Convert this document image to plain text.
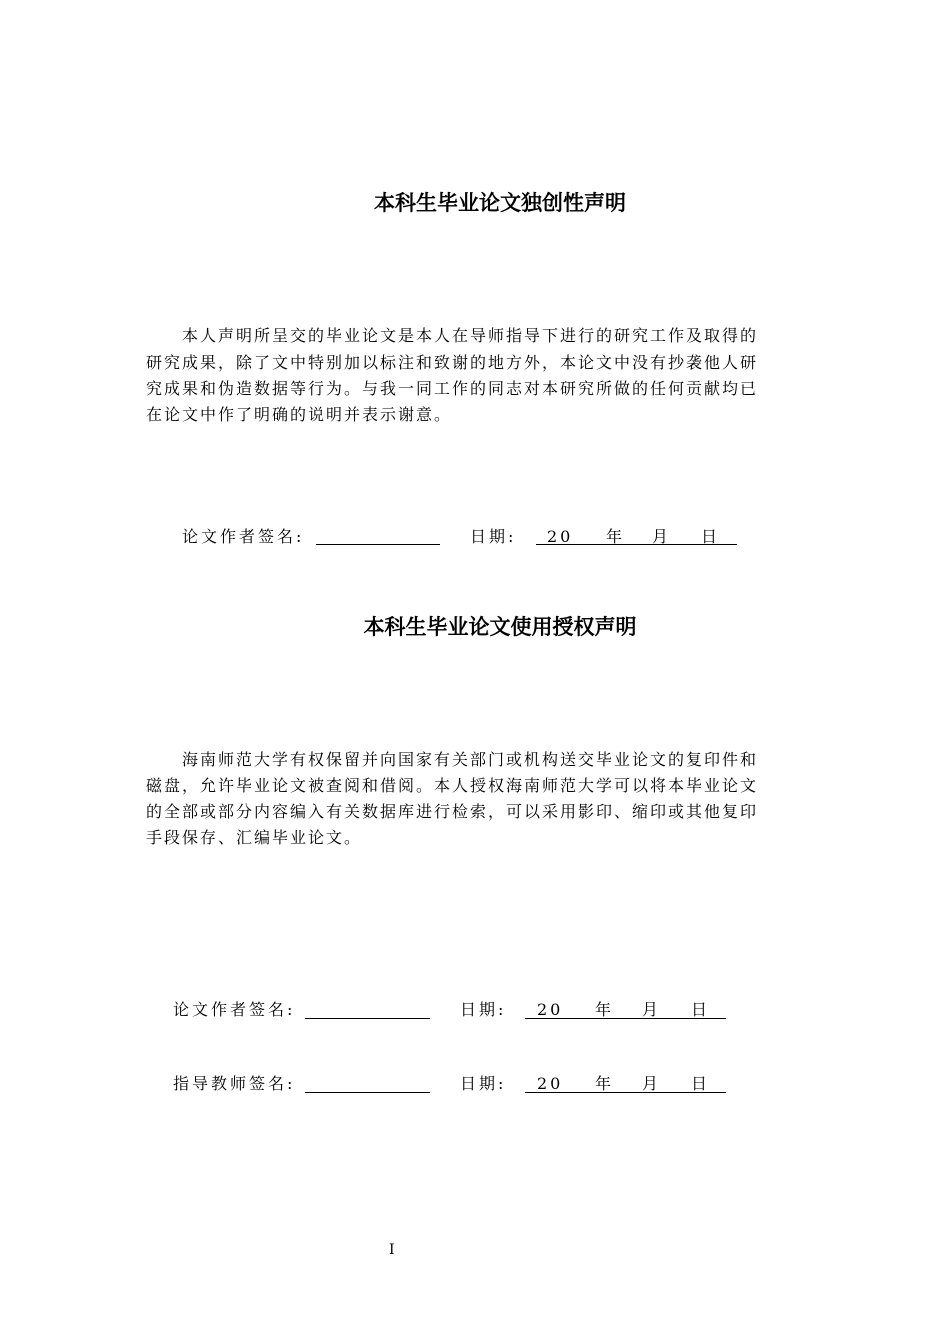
本科生毕业论文独创性声明
本人声明所呈交的毕业论文是本人在导师指导下进行的研究工作及取得的
研究成果，除了文中特别加以标注和致谢的地方外，本论文中没有抄袭他人研
究成果和伪造数据等行为。与我一同工作的同志对本研究所做的任何贡献均已
在论文中作了明确的说明并表示谢意。
论文作者签名:	日期: 20 年 月 日
本科生毕业论文使用授权声明
海南师范大学有权保留并向国家有关部门或机构送交毕业论文的复印件和
磁盘，允许毕业论文被查阅和借阅。本人授权海南师范大学可以将本毕业论文
的全部或部分内容编入有关数据库进行检索，可以采用影印、缩印或其他复印
手段保存、汇编毕业论文。
论文作者签名:	日期: 20 年 月 日
指导教师签名:	日期: 20 年 月 日
I
